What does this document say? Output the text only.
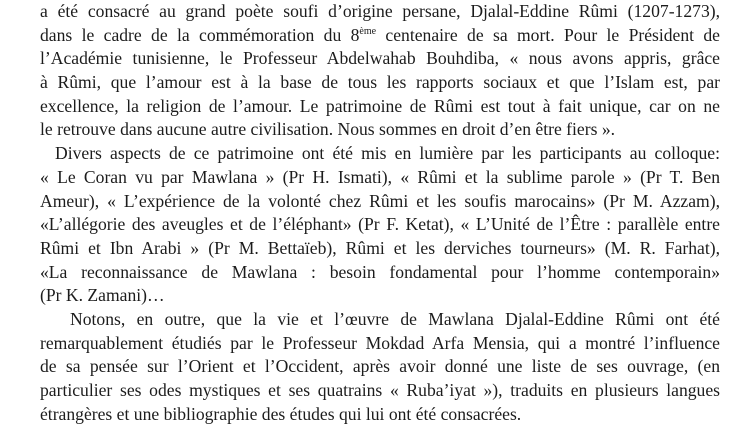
a été consacré au grand poète soufi d’origine persane, Djalal-Eddine Rûmi (1207-1273),
dans le cadre de la commémoration du 8ème centenaire de sa mort. Pour le Président de
l’Académie tunisienne, le Professeur Abdelwahab Bouhdiba, « nous avons appris, grâce
à Rûmi, que l’amour est à la base de tous les rapports sociaux et que l’Islam est, par
excellence, la religion de l’amour. Le patrimoine de Rûmi est tout à fait unique, car on ne
le retrouve dans aucune autre civilisation. Nous sommes en droit d’en être fiers ».
Divers aspects de ce patrimoine ont été mis en lumière par les participants au colloque:
« Le Coran vu par Mawlana » (Pr H. Ismati), « Rûmi et la sublime parole » (Pr T. Ben
Ameur), « L’expérience de la volonté chez Rûmi et les soufis marocains» (Pr M. Azzam),
«L’allégorie des aveugles et de l’éléphant» (Pr F. Ketat), « L’Unité de l’Être : parallèle entre
Rûmi et Ibn Arabi » (Pr M. Bettaïeb), Rûmi et les derviches tourneurs» (M. R. Farhat),
«La reconnaissance de Mawlana : besoin fondamental pour l’homme contemporain»
(Pr K. Zamani)…
Notons, en outre, que la vie et l’œuvre de Mawlana Djalal-Eddine Rûmi ont été
remarquablement étudiés par le Professeur Mokdad Arfa Mensia, qui a montré l’influence
de sa pensée sur l’Orient et l’Occident, après avoir donné une liste de ses ouvrage, (en
particulier ses odes mystiques et ses quatrains « Ruba’iyat »), traduits en plusieurs langues
étrangères et une bibliographie des études qui lui ont été consacrées.
